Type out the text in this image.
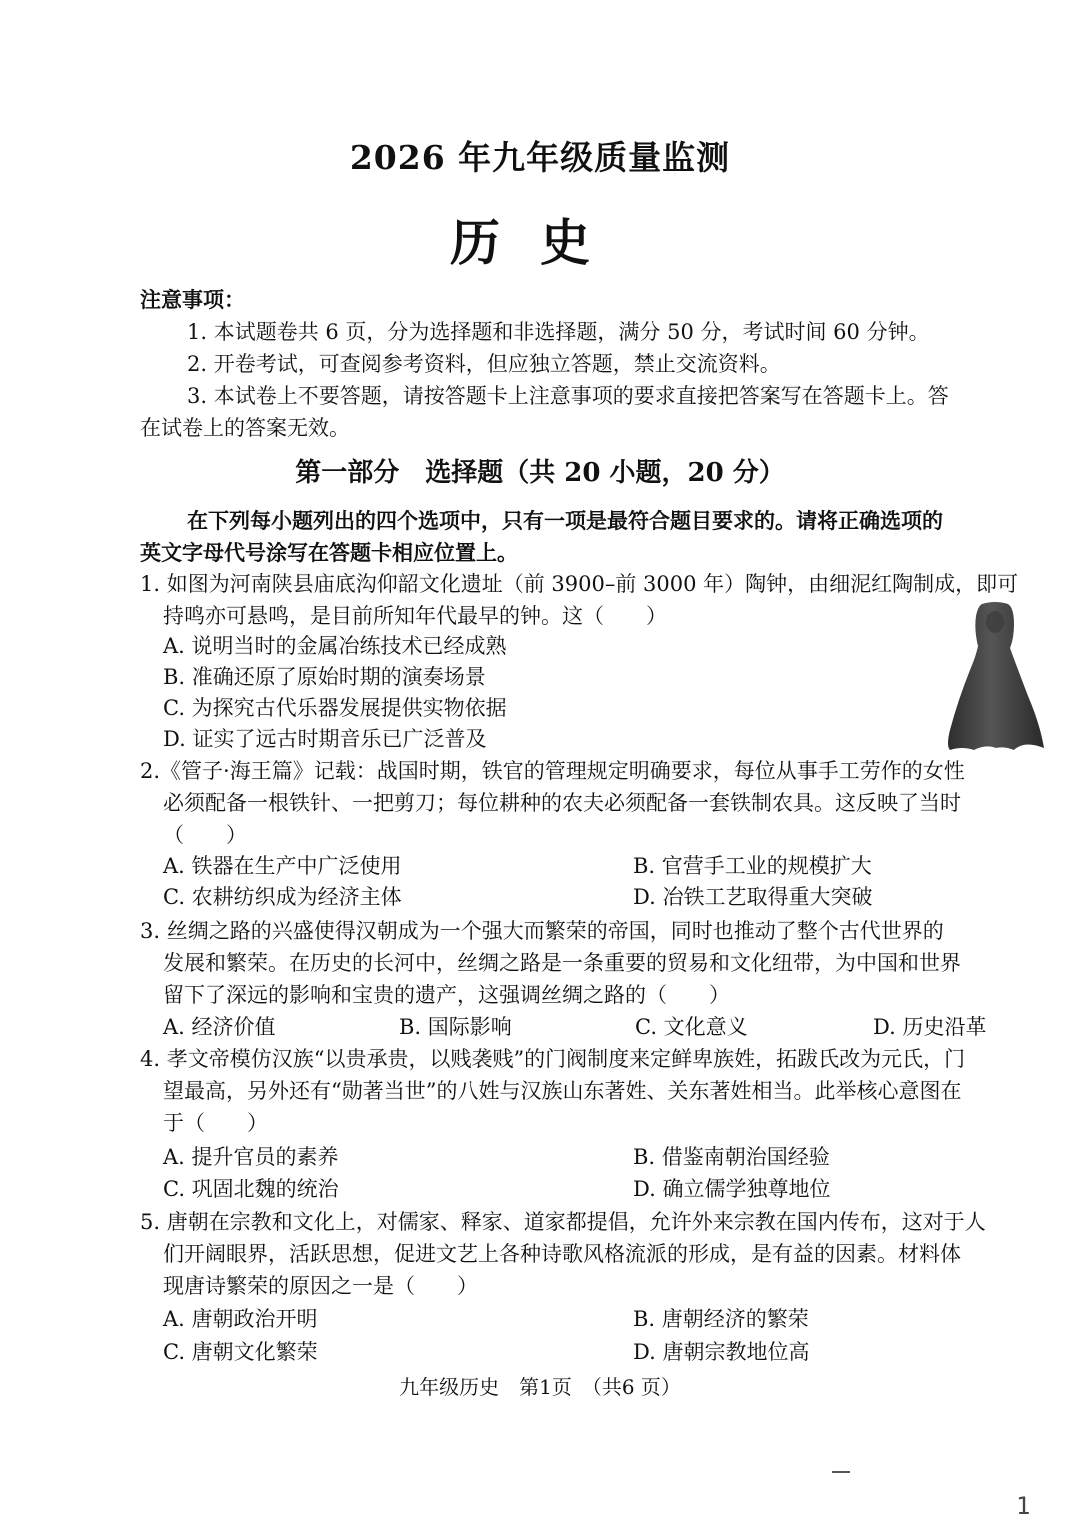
2026 年九年级质量监测
历史
注意事项：
1. 本试题卷共 6 页，分为选择题和非选择题，满分 50 分，考试时间 60 分钟。
2. 开卷考试，可查阅参考资料，但应独立答题，禁止交流资料。
3. 本试卷上不要答题，请按答题卡上注意事项的要求直接把答案写在答题卡上。答
在试卷上的答案无效。
第一部分　选择题（共 20 小题，20 分）
在下列每小题列出的四个选项中，只有一项是最符合题目要求的。请将正确选项的
英文字母代号涂写在答题卡相应位置上。
1. 如图为河南陕县庙底沟仰韶文化遗址（前 3900–前 3000 年）陶钟，由细泥红陶制成，即可
持鸣亦可悬鸣，是目前所知年代最早的钟。这（　　）
A. 说明当时的金属冶练技术已经成熟
B. 准确还原了原始时期的演奏场景
C. 为探究古代乐器发展提供实物依据
D. 证实了远古时期音乐已广泛普及
2.《管子·海王篇》记载：战国时期，铁官的管理规定明确要求，每位从事手工劳作的女性
必须配备一根铁针、一把剪刀；每位耕种的农夫必须配备一套铁制农具。这反映了当时
（　　）
A. 铁器在生产中广泛使用	B. 官营手工业的规模扩大
C. 农耕纺织成为经济主体	D. 冶铁工艺取得重大突破
3. 丝绸之路的兴盛使得汉朝成为一个强大而繁荣的帝国，同时也推动了整个古代世界的
发展和繁荣。在历史的长河中，丝绸之路是一条重要的贸易和文化纽带，为中国和世界
留下了深远的影响和宝贵的遗产，这强调丝绸之路的（　　）
A. 经济价值	B. 国际影响	C. 文化意义	D. 历史沿革
4. 孝文帝模仿汉族“以贵承贵，以贱袭贱”的门阀制度来定鲜卑族姓，拓跋氏改为元氏，门
望最高，另外还有“勋著当世”的八姓与汉族山东著姓、关东著姓相当。此举核心意图在
于（　　）
A. 提升官员的素养	B. 借鉴南朝治国经验
C. 巩固北魏的统治	D. 确立儒学独尊地位
5. 唐朝在宗教和文化上，对儒家、释家、道家都提倡，允许外来宗教在国内传布，这对于人
们开阔眼界，活跃思想，促进文艺上各种诗歌风格流派的形成，是有益的因素。材料体
现唐诗繁荣的原因之一是（　　）
A. 唐朝政治开明	B. 唐朝经济的繁荣
C. 唐朝文化繁荣	D. 唐朝宗教地位高
九年级历史　第1页　（共6 页）
1
